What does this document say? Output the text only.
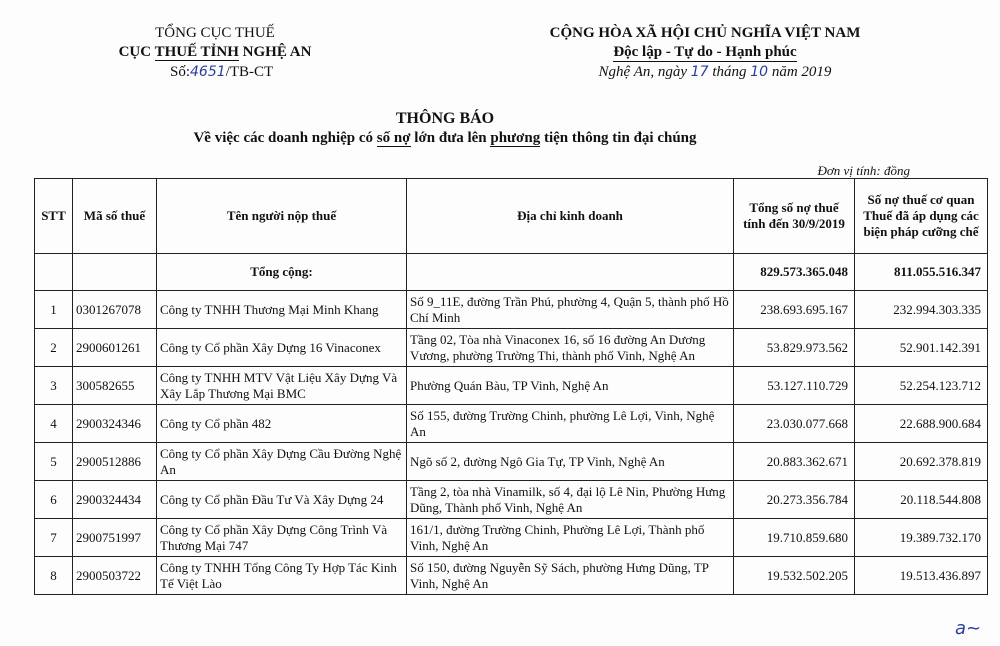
TỔNG CỤC THUẾ
CỤC THUẾ TỈNH NGHỆ AN
Số:4651/TB-CT
CỘNG HÒA XÃ HỘI CHỦ NGHĨA VIỆT NAM
Độc lập - Tự do - Hạnh phúc
Nghệ An, ngày 17 tháng 10 năm 2019
THÔNG BÁO
Về việc các doanh nghiệp có số nợ lớn đưa lên phương tiện thông tin đại chúng
Đơn vị tính: đồng
STT	Mã số thuế	Tên người nộp thuế	Địa chỉ kinh doanh	Tổng số nợ thuế tính đến 30/9/2019	Số nợ thuế cơ quan Thuế đã áp dụng các biện pháp cưỡng chế
		Tổng cộng:		829.573.365.048	811.055.516.347
1	0301267078	Công ty TNHH Thương Mại Minh Khang	Số 9_11E, đường Trần Phú, phường 4, Quận 5, thành phố Hồ Chí Minh	238.693.695.167	232.994.303.335
2	2900601261	Công ty Cổ phần Xây Dựng 16 Vinaconex	Tầng 02, Tòa nhà Vinaconex 16, số 16 đường An Dương Vương, phường Trường Thi, thành phố Vinh, Nghệ An	53.829.973.562	52.901.142.391
3	300582655	Công ty TNHH MTV Vật Liệu Xây Dựng Và Xây Lắp Thương Mại BMC	Phường Quán Bàu, TP Vinh, Nghệ An	53.127.110.729	52.254.123.712
4	2900324346	Công ty Cổ phần 482	Số 155, đường Trường Chinh, phường Lê Lợi, Vinh, Nghệ An	23.030.077.668	22.688.900.684
5	2900512886	Công ty Cổ phần Xây Dựng Cầu Đường Nghệ An	Ngõ số 2, đường Ngô Gia Tự, TP Vinh, Nghệ An	20.883.362.671	20.692.378.819
6	2900324434	Công ty Cổ phần Đầu Tư Và Xây Dựng 24	Tầng 2, tòa nhà Vinamilk, số 4, đại lộ Lê Nin, Phường Hưng Dũng, Thành phố Vinh, Nghệ An	20.273.356.784	20.118.544.808
7	2900751997	Công ty Cổ phần Xây Dựng Công Trình Và Thương Mại 747	161/1, đường Trường Chinh, Phường Lê Lợi, Thành phố Vinh, Nghệ An	19.710.859.680	19.389.732.170
8	2900503722	Công ty TNHH Tổng Công Ty Hợp Tác Kinh Tế Việt Lào	Số 150, đường Nguyễn Sỹ Sách, phường Hưng Dũng, TP Vinh, Nghệ An	19.532.502.205	19.513.436.897
a~
